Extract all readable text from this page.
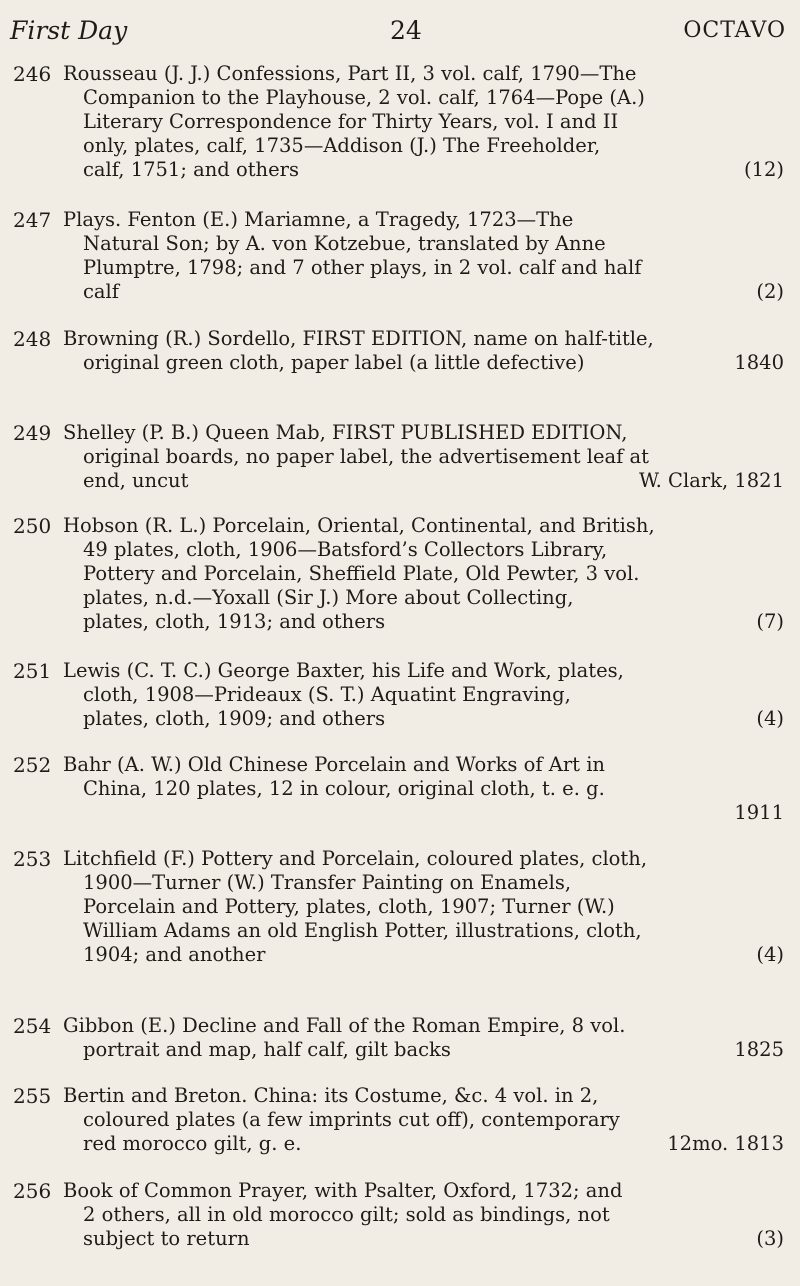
First Day	24	OCTAVO
246 Rousseau (J. J.) Confessions, Part II, 3 vol. calf, 1790—The
Companion to the Playhouse, 2 vol. calf, 1764—Pope (A.)
Literary Correspondence for Thirty Years, vol. I and II
only, plates, calf, 1735—Addison (J.) The Freeholder,
calf, 1751; and others	(12)
247 Plays. Fenton (E.) Mariamne, a Tragedy, 1723—The
Natural Son; by A. von Kotzebue, translated by Anne
Plumptre, 1798; and 7 other plays, in 2 vol. calf and half
calf	(2)
248 Browning (R.) Sordello, FIRST EDITION, name on half-title,
original green cloth, paper label (a little defective)	1840
249 Shelley (P. B.) Queen Mab, FIRST PUBLISHED EDITION,
original boards, no paper label, the advertisement leaf at
end, uncut	W. Clark, 1821
250 Hobson (R. L.) Porcelain, Oriental, Continental, and British,
49 plates, cloth, 1906—Batsford’s Collectors Library,
Pottery and Porcelain, Sheffield Plate, Old Pewter, 3 vol.
plates, n.d.—Yoxall (Sir J.) More about Collecting,
plates, cloth, 1913; and others	(7)
251 Lewis (C. T. C.) George Baxter, his Life and Work, plates,
cloth, 1908—Prideaux (S. T.) Aquatint Engraving,
plates, cloth, 1909; and others	(4)
252 Bahr (A. W.) Old Chinese Porcelain and Works of Art in
China, 120 plates, 12 in colour, original cloth, t. e. g.
1911

253 Litchfield (F.) Pottery and Porcelain, coloured plates, cloth,
1900—Turner (W.) Transfer Painting on Enamels,
Porcelain and Pottery, plates, cloth, 1907; Turner (W.)
William Adams an old English Potter, illustrations, cloth,
1904; and another	(4)
254 Gibbon (E.) Decline and Fall of the Roman Empire, 8 vol.
portrait and map, half calf, gilt backs	1825
255 Bertin and Breton. China: its Costume, &c. 4 vol. in 2,
coloured plates (a few imprints cut off), contemporary
red morocco gilt, g. e.	12mo. 1813
256 Book of Common Prayer, with Psalter, Oxford, 1732; and
2 others, all in old morocco gilt; sold as bindings, not
subject to return	(3)
